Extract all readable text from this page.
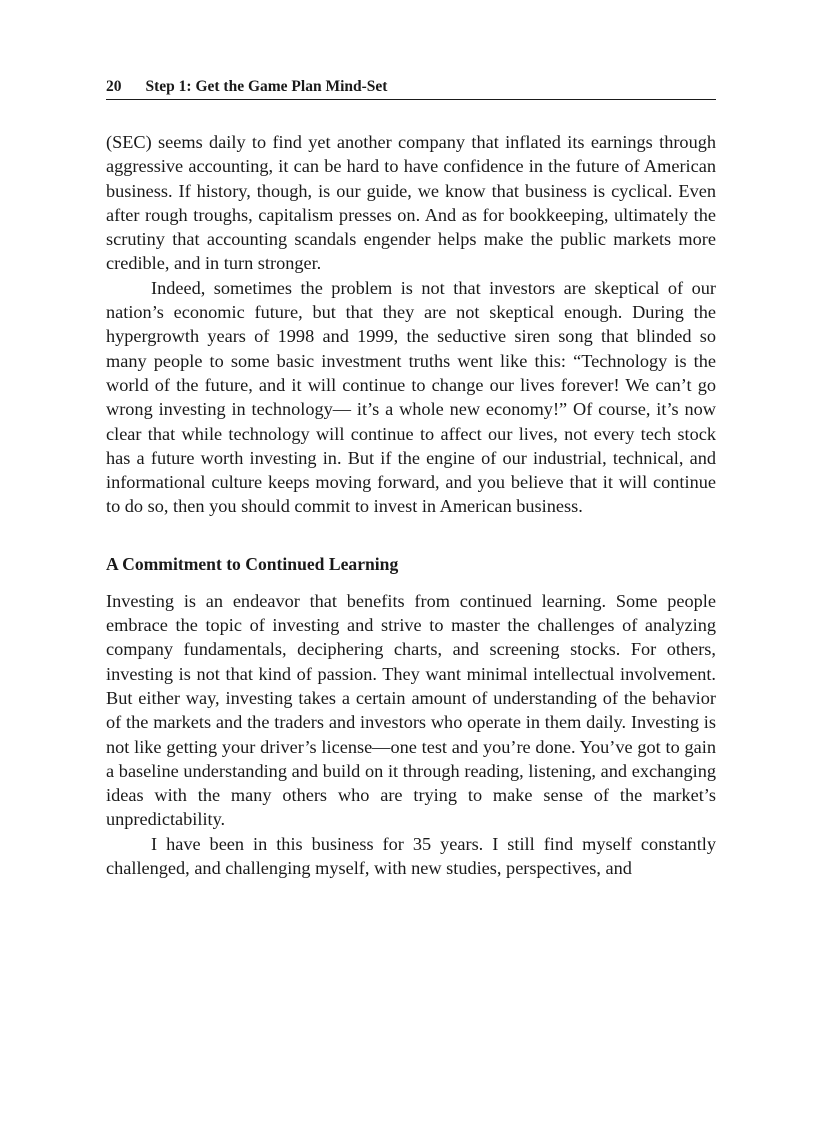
20 Step 1: Get the Game Plan Mind-Set

(SEC) seems daily to find yet another company that inflated its earnings through aggressive accounting, it can be hard to have confidence in the future of American business. If history, though, is our guide, we know that business is cyclical. Even after rough troughs, capitalism presses on. And as for bookkeeping, ultimately the scrutiny that accounting scandals engender helps make the public markets more credible, and in turn stronger.

Indeed, sometimes the problem is not that investors are skeptical of our nation’s economic future, but that they are not skeptical enough. During the hypergrowth years of 1998 and 1999, the seductive siren song that blinded so many people to some basic investment truths went like this: “Technology is the world of the future, and it will continue to change our lives forever! We can’t go wrong investing in technology— it’s a whole new economy!” Of course, it’s now clear that while technology will continue to affect our lives, not every tech stock has a future worth investing in. But if the engine of our industrial, technical, and informational culture keeps moving forward, and you believe that it will continue to do so, then you should commit to invest in American business.

A Commitment to Continued Learning

Investing is an endeavor that benefits from continued learning. Some people embrace the topic of investing and strive to master the challenges of analyzing company fundamentals, deciphering charts, and screening stocks. For others, investing is not that kind of passion. They want minimal intellectual involvement. But either way, investing takes a certain amount of understanding of the behavior of the markets and the traders and investors who operate in them daily. Investing is not like getting your driver’s license—one test and you’re done. You’ve got to gain a baseline understanding and build on it through reading, listening, and exchanging ideas with the many others who are trying to make sense of the market’s unpredictability.

I have been in this business for 35 years. I still find myself constantly challenged, and challenging myself, with new studies, perspectives, and
